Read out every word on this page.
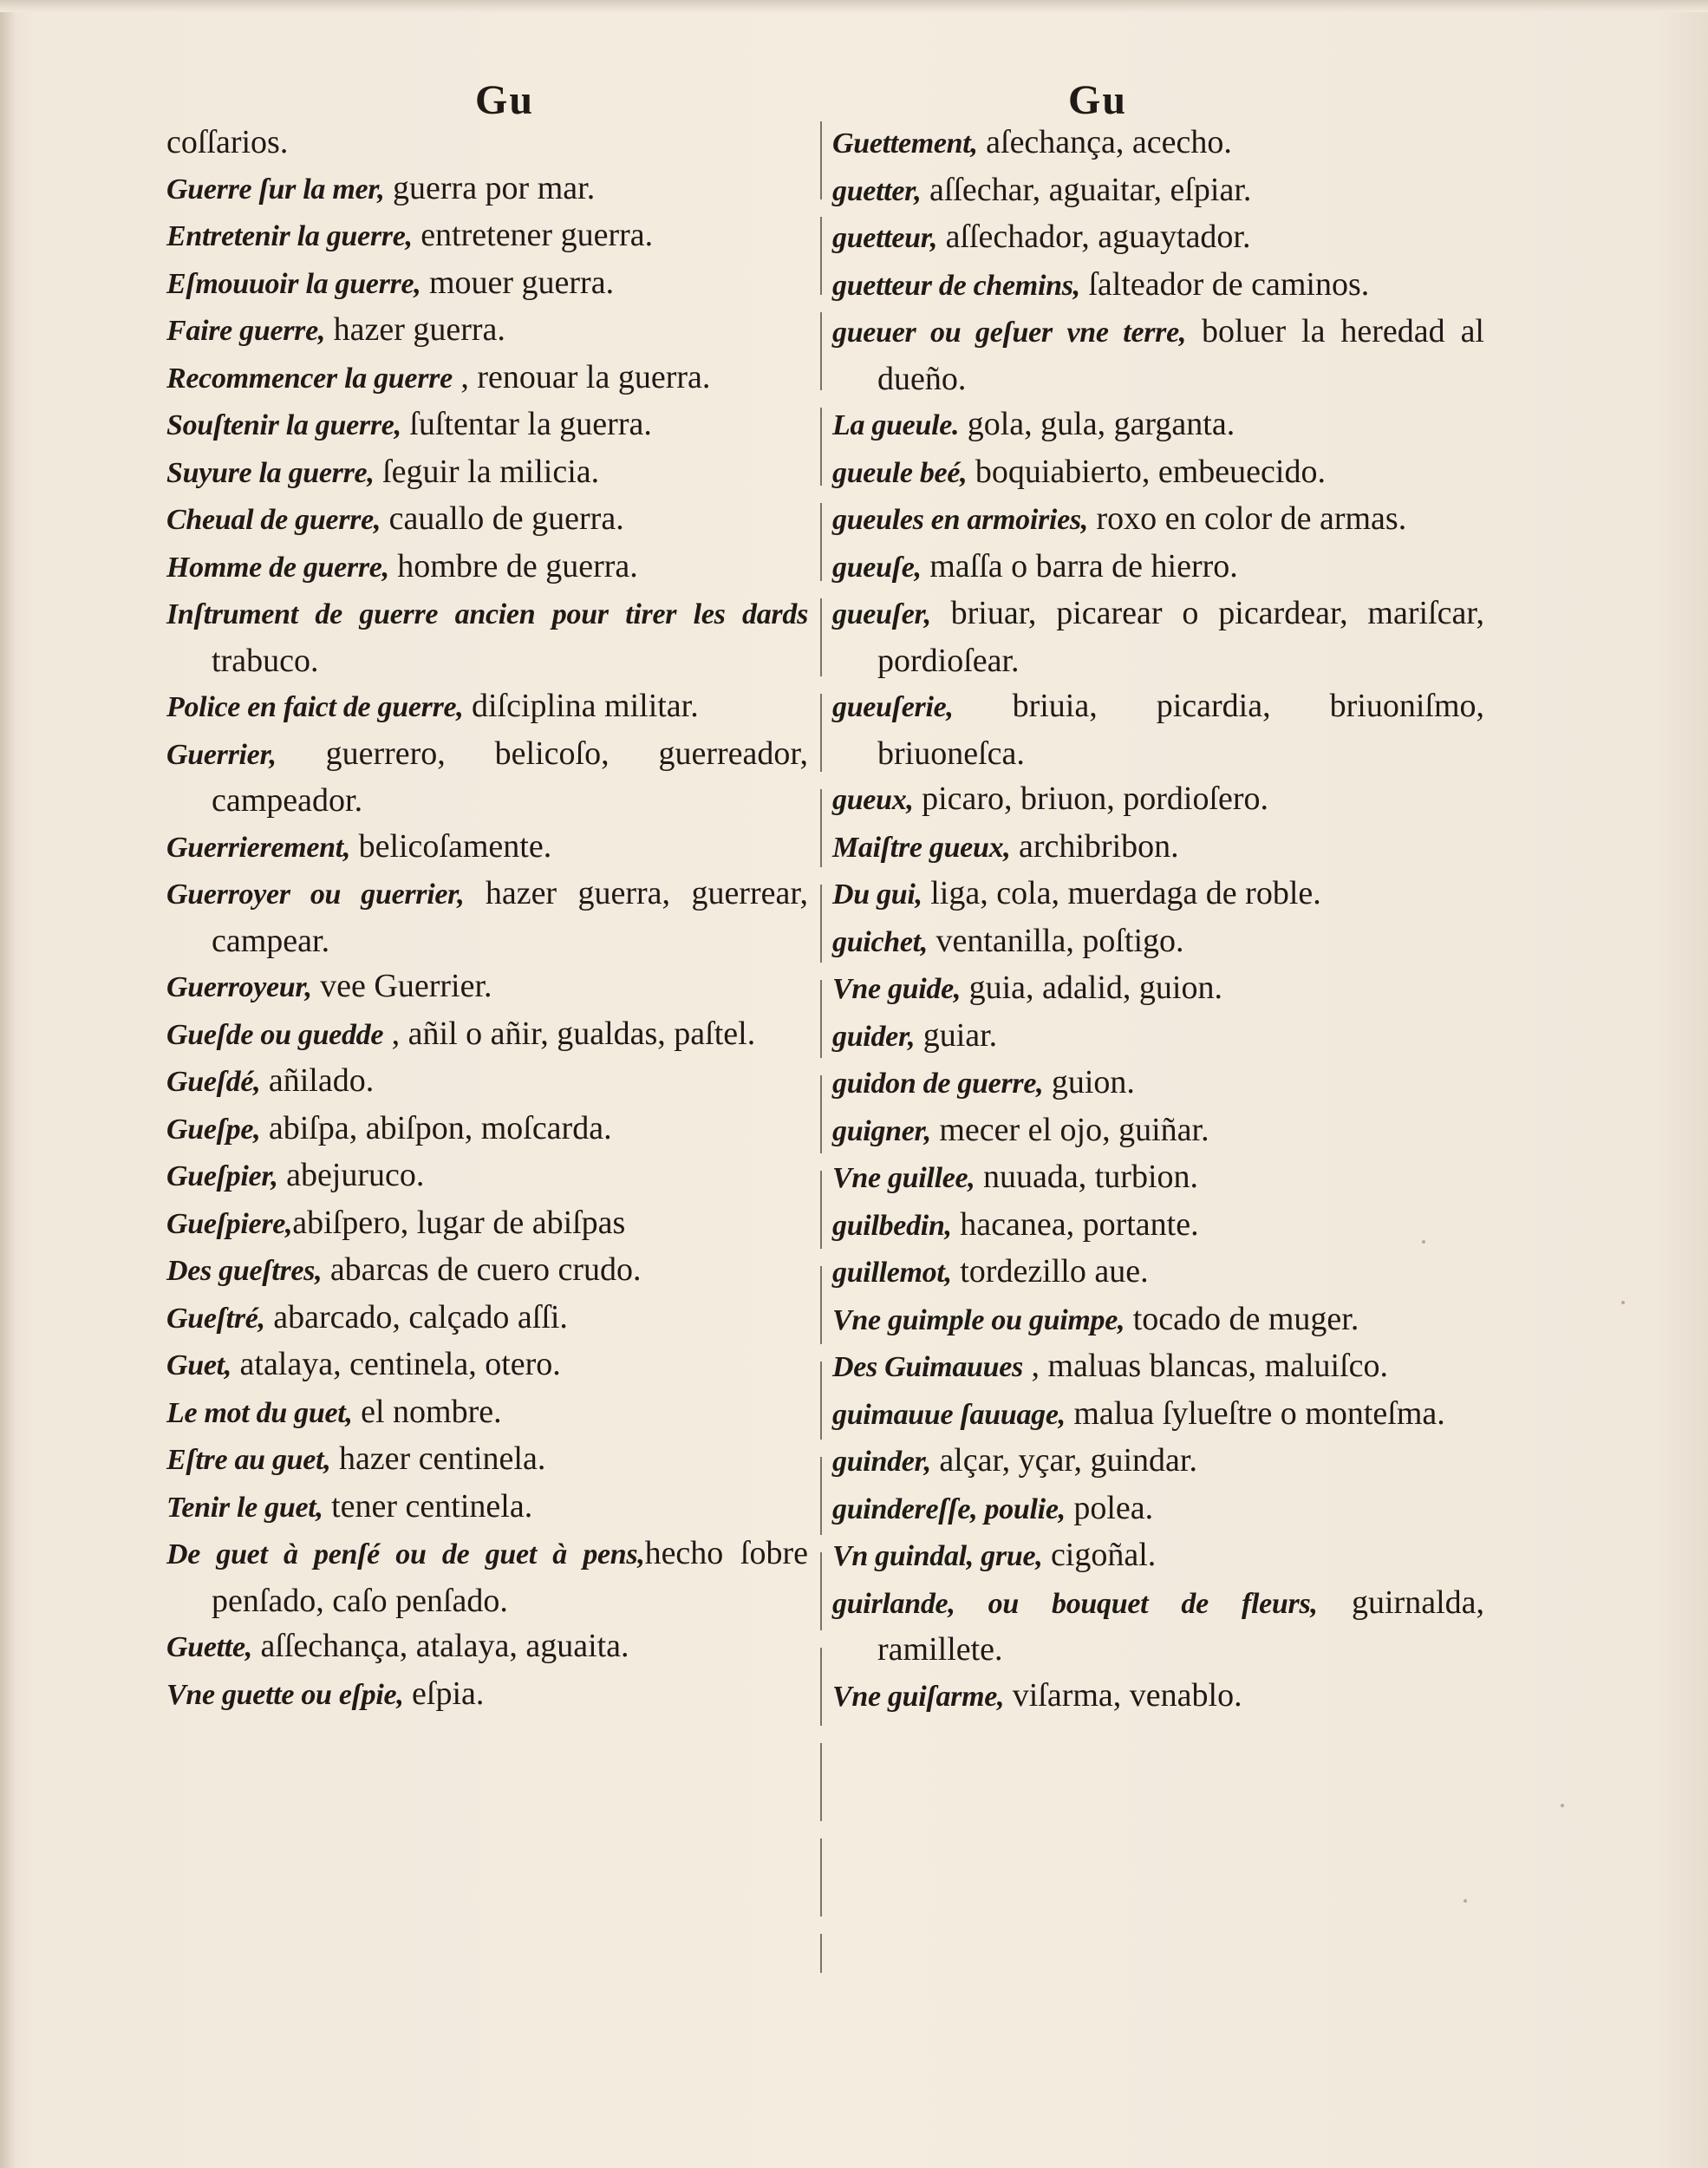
Gu	Gu
coſſarios.
Guerre ſur la mer, guerra por mar.
Entretenir la guerre, entretener guerra.
Eſmouuoir la guerre, mouer guerra.
Faire guerre, hazer guerra.
Recommencer la guerre , renouar la guerra.
Souſtenir la guerre, ſuſtentar la guerra.
Suyure la guerre, ſeguir la milicia.
Cheual de guerre, cauallo de guerra.
Homme de guerre, hombre de guerra.
Inſtrument de guerre ancien pour tirer les dards trabuco.
Police en faict de guerre, diſciplina militar.
Guerrier, guerrero, belicoſo, guerreador, campeador.
Guerrierement, belicoſamente.
Guerroyer ou guerrier, hazer guerra, guerrear, campear.
Guerroyeur, vee Guerrier.
Gueſde ou guedde , añil o añir, gualdas, paſtel.
Gueſdé, añilado.
Gueſpe, abiſpa, abiſpon, moſcarda.
Gueſpier, abejuruco.
Gueſpiere,abiſpero, lugar de abiſpas
Des gueſtres, abarcas de cuero crudo.
Gueſtré, abarcado, calçado aſſi.
Guet, atalaya, centinela, otero.
Le mot du guet, el nombre.
Eſtre au guet, hazer centinela.
Tenir le guet, tener centinela.
De guet à penſé ou de guet à pens,hecho ſobre penſado, caſo penſado.
Guette, aſſechança, atalaya, aguaita.
Vne guette ou eſpie, eſpia.
Guettement, aſechança, acecho.
guetter, aſſechar, aguaitar, eſpiar.
guetteur, aſſechador, aguaytador.
guetteur de chemins, ſalteador de caminos.
gueuer ou geſuer vne terre, boluer la heredad al dueño.
La gueule. gola, gula, garganta.
gueule beé, boquiabierto, embeuecido.
gueules en armoiries, roxo en color de armas.
gueuſe, maſſa o barra de hierro.
gueuſer, briuar, picarear o picardear, mariſcar, pordioſear.
gueuſerie, briuia, picardia, briuoniſmo, briuoneſca.
gueux, picaro, briuon, pordioſero.
Maiſtre gueux, archibribon.
Du gui, liga, cola, muerdaga de roble.
guichet, ventanilla, poſtigo.
Vne guide, guia, adalid, guion.
guider, guiar.
guidon de guerre, guion.
guigner, mecer el ojo, guiñar.
Vne guillee, nuuada, turbion.
guilbedin, hacanea, portante.
guillemot, tordezillo aue.
Vne guimple ou guimpe, tocado de muger.
Des Guimauues , maluas blancas, maluiſco.
guimauue ſauuage, malua ſylueſtre o monteſma.
guinder, alçar, yçar, guindar.
guindereſſe, poulie, polea.
Vn guindal, grue, cigoñal.
guirlande, ou bouquet de fleurs, guirnalda, ramillete.
Vne guiſarme, viſarma, venablo.
